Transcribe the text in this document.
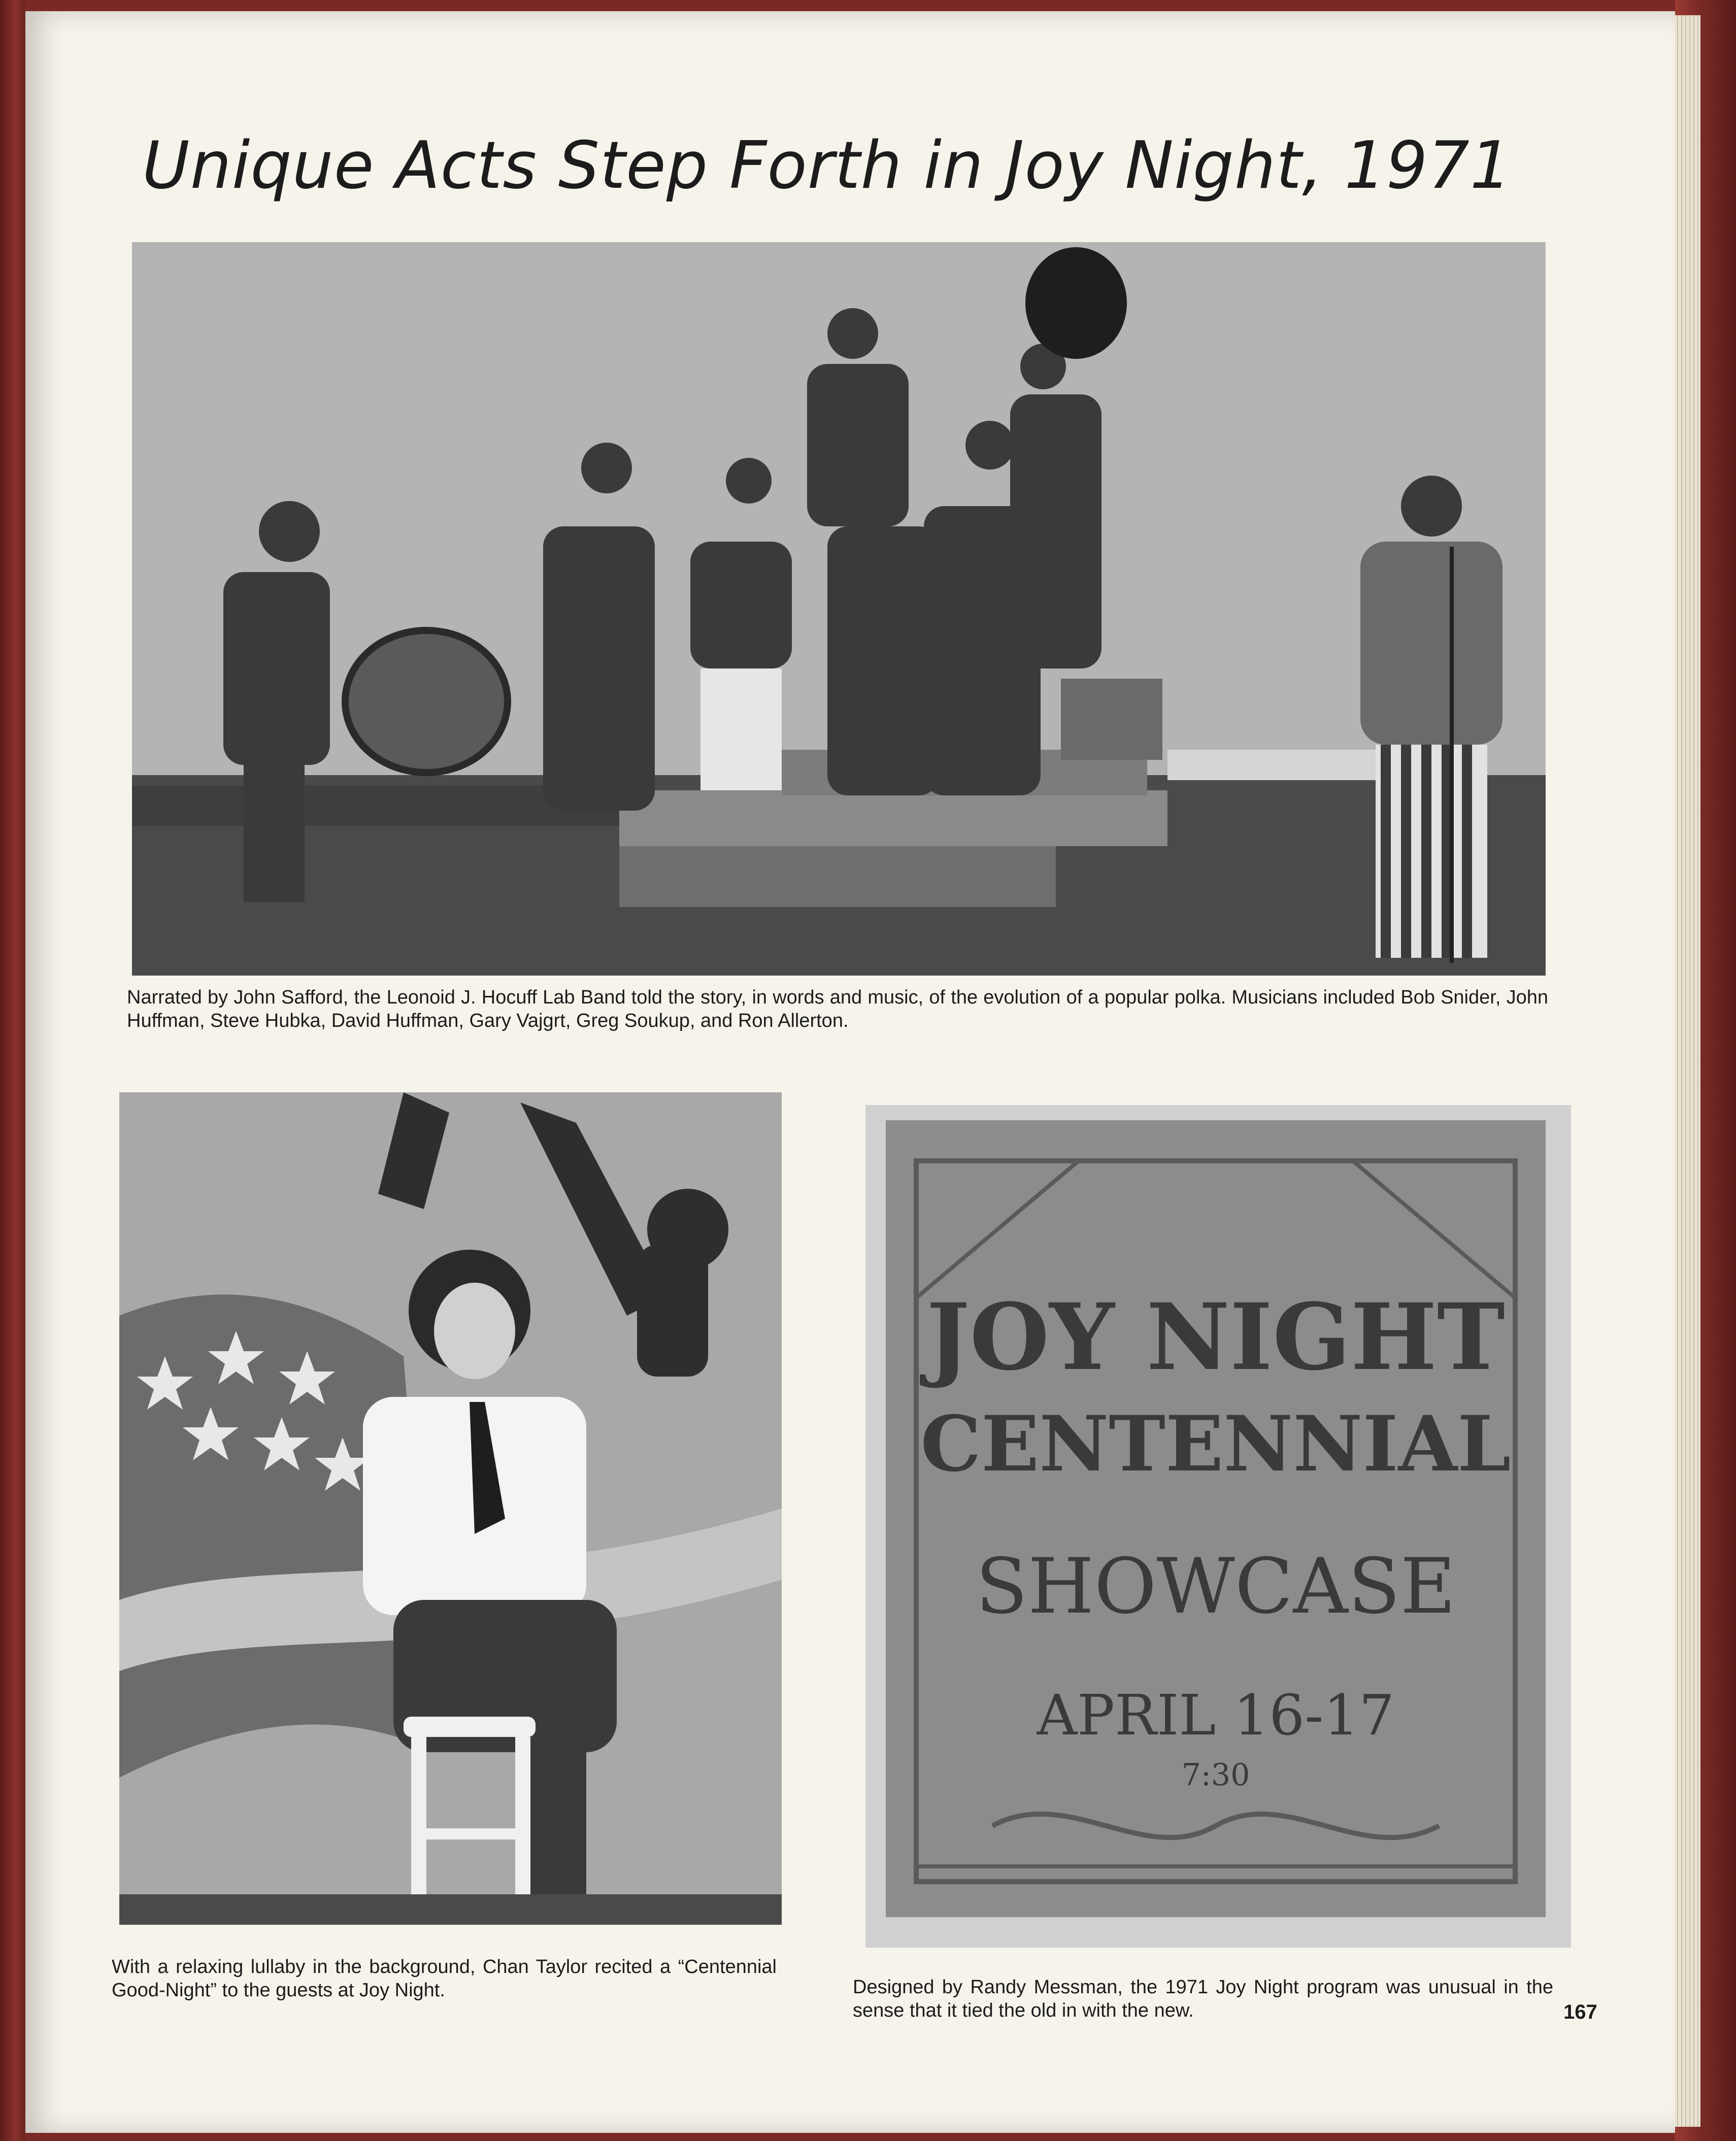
Unique Acts Step Forth in Joy Night, 1971
Narrated by John Safford, the Leonoid J. Hocuff Lab Band told the story, in words and music, of the evolution of a popular polka. Musicians included Bob Snider, John Huffman, Steve Hubka, David Huffman, Gary Vajgrt, Greg Soukup, and Ron Allerton.
With a relaxing lullaby in the background, Chan Taylor recited a “Centennial Good-Night” to the guests at Joy Night.
JOY NIGHT
CENTENNIAL
SHOWCASE
APRIL 16-17
7:30
Designed by Randy Messman, the 1971 Joy Night program was unusual in the sense that it tied the old in with the new.	167
